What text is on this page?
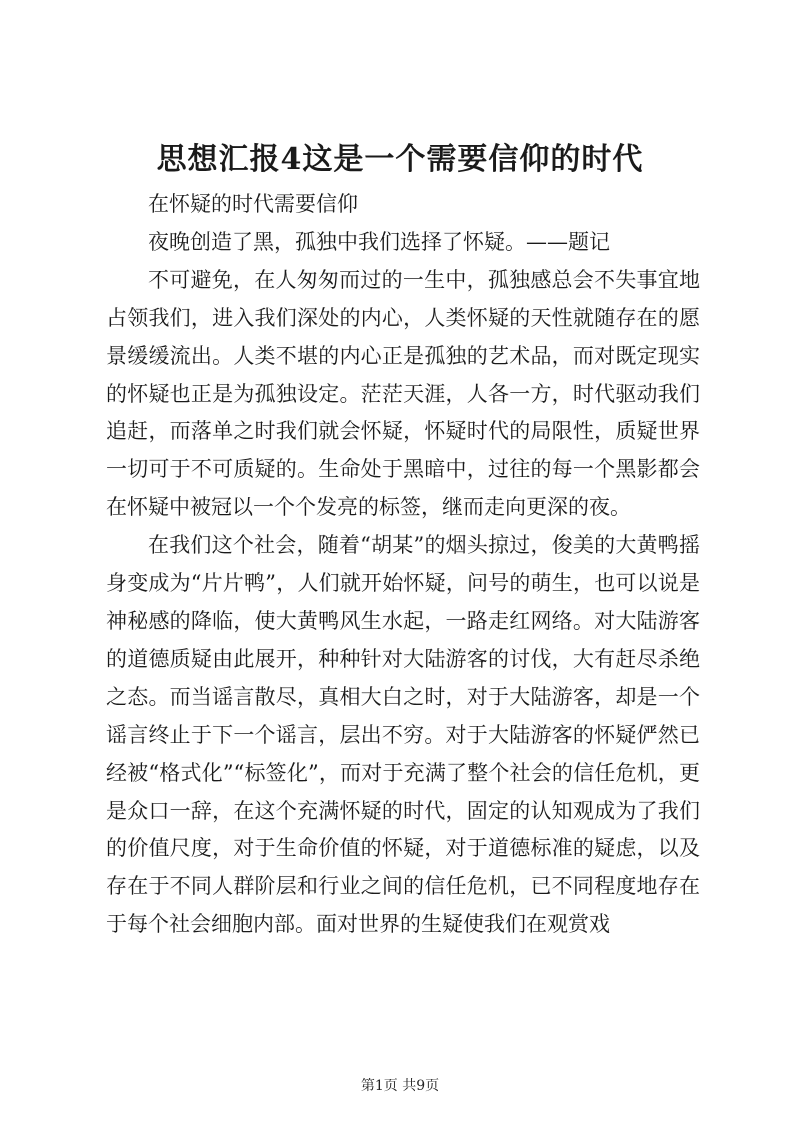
思想汇报4这是一个需要信仰的时代

在怀疑的时代需要信仰

夜晚创造了黑，孤独中我们选择了怀疑。——题记

不可避免，在人匆匆而过的一生中，孤独感总会不失事宜地占领我们，进入我们深处的内心，人类怀疑的天性就随存在的愿景缓缓流出。人类不堪的内心正是孤独的艺术品，而对既定现实的怀疑也正是为孤独设定。茫茫天涯，人各一方，时代驱动我们追赶，而落单之时我们就会怀疑，怀疑时代的局限性，质疑世界一切可于不可质疑的。生命处于黑暗中，过往的每一个黑影都会在怀疑中被冠以一个个发亮的标签，继而走向更深的夜。

在我们这个社会，随着“胡某”的烟头掠过，俊美的大黄鸭摇身变成为“片片鸭”，人们就开始怀疑，问号的萌生，也可以说是神秘感的降临，使大黄鸭风生水起，一路走红网络。对大陆游客的道德质疑由此展开，种种针对大陆游客的讨伐，大有赶尽杀绝之态。而当谣言散尽，真相大白之时，对于大陆游客，却是一个谣言终止于下一个谣言，层出不穷。对于大陆游客的怀疑俨然已经被“格式化”“标签化”，而对于充满了整个社会的信任危机，更是众口一辞，在这个充满怀疑的时代，固定的认知观成为了我们的价值尺度，对于生命价值的怀疑，对于道德标准的疑虑，以及存在于不同人群阶层和行业之间的信任危机，已不同程度地存在于每个社会细胞内部。面对世界的生疑使我们在观赏戏

第1页 共9页
